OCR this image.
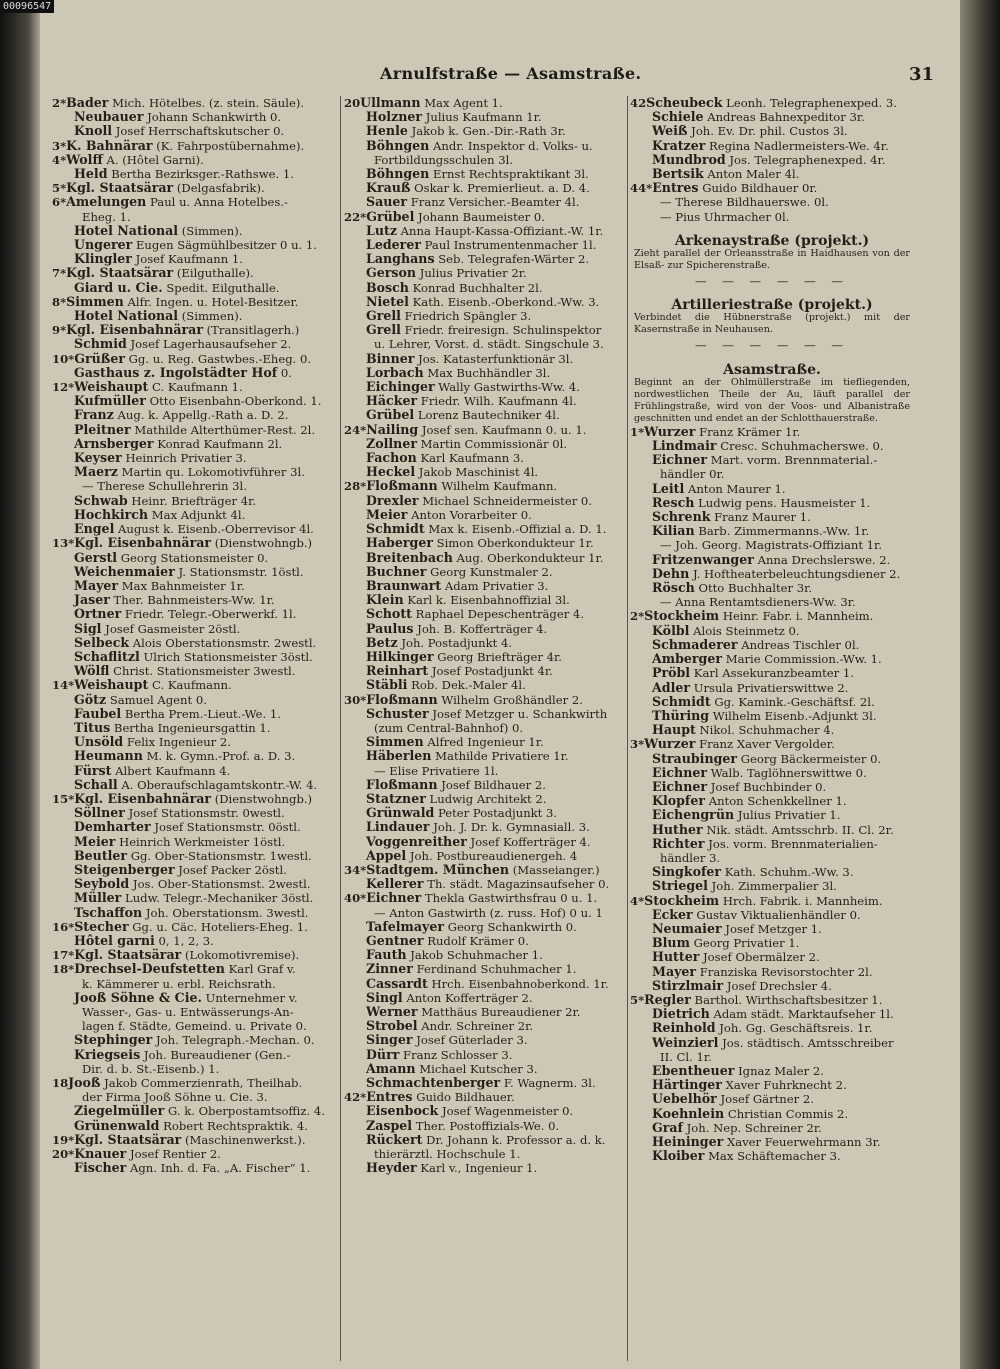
00096547
Arnulfstraße — Asamstraße.	31
2*Bader Mich. Hötelbes. (z. stein. Säule).
Neubauer Johann Schankwirth 0.
Knoll Josef Herrschaftskutscher 0.
3*K. Bahnärar (K. Fahrpostübernahme).
4*Wolff A. (Hôtel Garni).
Held Bertha Bezirksger.-Rathswe. 1.
5*Kgl. Staatsärar (Delgasfabrik).
6*Amelungen Paul u. Anna Hotelbes.-
Eheg. 1.
Hotel National (Simmen).
Ungerer Eugen Sägmühlbesitzer 0 u. 1.
Klingler Josef Kaufmann 1.
7*Kgl. Staatsärar (Eilguthalle).
Giard u. Cie. Spedit. Eilguthalle.
8*Simmen Alfr. Ingen. u. Hotel-Besitzer.
Hotel National (Simmen).
9*Kgl. Eisenbahnärar (Transitlagerh.)
Schmid Josef Lagerhausaufseher 2.
10*Grüßer Gg. u. Reg. Gastwbes.-Eheg. 0.
Gasthaus z. Ingolstädter Hof 0.
12*Weishaupt C. Kaufmann 1.
Kufmüller Otto Eisenbahn-Oberkond. 1.
Franz Aug. k. Appellg.-Rath a. D. 2.
Pleitner Mathilde Alterthümer-Rest. 2l.
Arnsberger Konrad Kaufmann 2l.
Keyser Heinrich Privatier 3.
Maerz Martin qu. Lokomotivführer 3l.
— Therese Schullehrerin 3l.
Schwab Heinr. Briefträger 4r.
Hochkirch Max Adjunkt 4l.
Engel August k. Eisenb.-Oberrevisor 4l.
13*Kgl. Eisenbahnärar (Dienstwohngb.)
Gerstl Georg Stationsmeister 0.
Weichenmaier J. Stationsmstr. 1östl.
Mayer Max Bahnmeister 1r.
Jaser Ther. Bahnmeisters-Ww. 1r.
Ortner Friedr. Telegr.-Oberwerkf. 1l.
Sigl Josef Gasmeister 2östl.
Selbeck Alois Oberstationsmstr. 2westl.
Schaflitzl Ulrich Stationsmeister 3östl.
Wölfl Christ. Stationsmeister 3westl.
14*Weishaupt C. Kaufmann.
Götz Samuel Agent 0.
Faubel Bertha Prem.-Lieut.-We. 1.
Titus Bertha Ingenieursgattin 1.
Unsöld Felix Ingenieur 2.
Heumann M. k. Gymn.-Prof. a. D. 3.
Fürst Albert Kaufmann 4.
Schall A. Oberaufschlagamtskontr.-W. 4.
15*Kgl. Eisenbahnärar (Dienstwohngb.)
Söllner Josef Stationsmstr. 0westl.
Demharter Josef Stationsmstr. 0östl.
Meier Heinrich Werkmeister 1östl.
Beutler Gg. Ober-Stationsmstr. 1westl.
Steigenberger Josef Packer 2östl.
Seybold Jos. Ober-Stationsmst. 2westl.
Müller Ludw. Telegr.-Mechaniker 3östl.
Tschaffon Joh. Oberstationsm. 3westl.
16*Stecher Gg. u. Cäc. Hoteliers-Eheg. 1.
Hôtel garni 0, 1, 2, 3.
17*Kgl. Staatsärar (Lokomotivremise).
18*Drechsel-Deufstetten Karl Graf v.
k. Kämmerer u. erbl. Reichsrath.
Jooß Söhne & Cie. Unternehmer v.
Wasser-, Gas- u. Entwässerungs-An-
lagen f. Städte, Gemeind. u. Private 0.
Stephinger Joh. Telegraph.-Mechan. 0.
Kriegseis Joh. Bureaudiener (Gen.-
Dir. d. b. St.-Eisenb.) 1.
18Jooß Jakob Commerzienrath, Theilhab.
der Firma Jooß Söhne u. Cie. 3.
Ziegelmüller G. k. Oberpostamtsoffiz. 4.
Grünenwald Robert Rechtspraktik. 4.
19*Kgl. Staatsärar (Maschinenwerkst.).
20*Knauer Josef Rentier 2.
Fischer Agn. Inh. d. Fa. „A. Fischer“ 1.
20Ullmann Max Agent 1.
Holzner Julius Kaufmann 1r.
Henle Jakob k. Gen.-Dir.-Rath 3r.
Böhngen Andr. Inspektor d. Volks- u.
Fortbildungsschulen 3l.
Böhngen Ernst Rechtspraktikant 3l.
Krauß Oskar k. Premierlieut. a. D. 4.
Sauer Franz Versicher.-Beamter 4l.
22*Grübel Johann Baumeister 0.
Lutz Anna Haupt-Kassa-Offiziant.-W. 1r.
Lederer Paul Instrumentenmacher 1l.
Langhans Seb. Telegrafen-Wärter 2.
Gerson Julius Privatier 2r.
Bosch Konrad Buchhalter 2l.
Nietel Kath. Eisenb.-Oberkond.-Ww. 3.
Grell Friedrich Spängler 3.
Grell Friedr. freiresign. Schulinspektor
u. Lehrer, Vorst. d. städt. Singschule 3.
Binner Jos. Katasterfunktionär 3l.
Lorbach Max Buchhändler 3l.
Eichinger Wally Gastwirths-Ww. 4.
Häcker Friedr. Wilh. Kaufmann 4l.
Grübel Lorenz Bautechniker 4l.
24*Nailing Josef sen. Kaufmann 0. u. 1.
Zollner Martin Commissionär 0l.
Fachon Karl Kaufmann 3.
Heckel Jakob Maschinist 4l.
28*Floßmann Wilhelm Kaufmann.
Drexler Michael Schneidermeister 0.
Meier Anton Vorarbeiter 0.
Schmidt Max k. Eisenb.-Offizial a. D. 1.
Haberger Simon Oberkondukteur 1r.
Breitenbach Aug. Oberkondukteur 1r.
Buchner Georg Kunstmaler 2.
Braunwart Adam Privatier 3.
Klein Karl k. Eisenbahnoffizial 3l.
Schott Raphael Depeschenträger 4.
Paulus Joh. B. Kofferträger 4.
Betz Joh. Postadjunkt 4.
Hilkinger Georg Briefträger 4r.
Reinhart Josef Postadjunkt 4r.
Stäbli Rob. Dek.-Maler 4l.
30*Floßmann Wilhelm Großhändler 2.
Schuster Josef Metzger u. Schankwirth
(zum Central-Bahnhof) 0.
Simmen Alfred Ingenieur 1r.
Häberlen Mathilde Privatiere 1r.
— Elise Privatiere 1l.
Floßmann Josef Bildhauer 2.
Statzner Ludwig Architekt 2.
Grünwald Peter Postadjunkt 3.
Lindauer Joh. J. Dr. k. Gymnasiall. 3.
Voggenreither Josef Kofferträger 4.
Appel Joh. Postbureaudienergeh. 4
34*Stadtgem. München (Masseianger.)
Kellerer Th. städt. Magazinsaufseher 0.
40*Eichner Thekla Gastwirthsfrau 0 u. 1.
— Anton Gastwirth (z. russ. Hof) 0 u. 1
Tafelmayer Georg Schankwirth 0.
Gentner Rudolf Krämer 0.
Fauth Jakob Schuhmacher 1.
Zinner Ferdinand Schuhmacher 1.
Cassardt Hrch. Eisenbahnoberkond. 1r.
Singl Anton Kofferträger 2.
Werner Matthäus Bureaudiener 2r.
Strobel Andr. Schreiner 2r.
Singer Josef Güterlader 3.
Dürr Franz Schlosser 3.
Amann Michael Kutscher 3.
Schmachtenberger F. Wagnerm. 3l.
42*Entres Guido Bildhauer.
Eisenbock Josef Wagenmeister 0.
Zaspel Ther. Postoffizials-We. 0.
Rückert Dr. Johann k. Professor a. d. k.
thierärztl. Hochschule 1.
Heyder Karl v., Ingenieur 1.
42Scheubeck Leonh. Telegraphenexped. 3.
Schiele Andreas Bahnexpeditor 3r.
Weiß Joh. Ev. Dr. phil. Custos 3l.
Kratzer Regina Nadlermeisters-We. 4r.
Mundbrod Jos. Telegraphenexped. 4r.
Bertsik Anton Maler 4l.
44*Entres Guido Bildhauer 0r.
— Therese Bildhauerswe. 0l.
— Pius Uhrmacher 0l.
Arkenaystraße (projekt.)
Zieht parallel der Orleansstraße in Haidhausen von der Elsaß- zur Spicherenstraße.
— — — — — —
Artilleriestraße (projekt.)
Verbindet die Hübnerstraße (projekt.) mit der Kasernstraße in Neuhausen.
— — — — — —
Asamstraße.
Beginnt an der Ohlmüllerstraße im tiefliegenden, nordwestlichen Theile der Au, läuft parallel der Frühlingstraße, wird von der Voos- und Albanistraße geschnitten und endet an der Schlotthauerstraße.
1*Wurzer Franz Krämer 1r.
Lindmair Cresc. Schuhmacherswe. 0.
Eichner Mart. vorm. Brennmaterial.-
händler 0r.
Leitl Anton Maurer 1.
Resch Ludwig pens. Hausmeister 1.
Schrenk Franz Maurer 1.
Kilian Barb. Zimmermanns.-Ww. 1r.
— Joh. Georg. Magistrats-Offiziant 1r.
Fritzenwanger Anna Drechslerswe. 2.
Dehn J. Hoftheaterbeleuchtungsdiener 2.
Rösch Otto Buchhalter 3r.
— Anna Rentamtsdieners-Ww. 3r.
2*Stockheim Heinr. Fabr. i. Mannheim.
Kölbl Alois Steinmetz 0.
Schmaderer Andreas Tischler 0l.
Amberger Marie Commission.-Ww. 1.
Pröbl Karl Assekuranzbeamter 1.
Adler Ursula Privatierswittwe 2.
Schmidt Gg. Kamink.-Geschäftsf. 2l.
Thüring Wilhelm Eisenb.-Adjunkt 3l.
Haupt Nikol. Schuhmacher 4.
3*Wurzer Franz Xaver Vergolder.
Straubinger Georg Bäckermeister 0.
Eichner Walb. Taglöhnerswittwe 0.
Eichner Josef Buchbinder 0.
Klopfer Anton Schenkkellner 1.
Eichengrün Julius Privatier 1.
Huther Nik. städt. Amtsschrb. II. Cl. 2r.
Richter Jos. vorm. Brennmaterialien-
händler 3.
Singkofer Kath. Schuhm.-Ww. 3.
Striegel Joh. Zimmerpalier 3l.
4*Stockheim Hrch. Fabrik. i. Mannheim.
Ecker Gustav Viktualienhändler 0.
Neumaier Josef Metzger 1.
Blum Georg Privatier 1.
Hutter Josef Obermälzer 2.
Mayer Franziska Revisorstochter 2l.
Stirzlmair Josef Drechsler 4.
5*Regler Barthol. Wirthschaftsbesitzer 1.
Dietrich Adam städt. Marktaufseher 1l.
Reinhold Joh. Gg. Geschäftsreis. 1r.
Weinzierl Jos. städtisch. Amtsschreiber
II. Cl. 1r.
Ebentheuer Ignaz Maler 2.
Härtinger Xaver Fuhrknecht 2.
Uebelhör Josef Gärtner 2.
Koehnlein Christian Commis 2.
Graf Joh. Nep. Schreiner 2r.
Heininger Xaver Feuerwehrmann 3r.
Kloiber Max Schäftemacher 3.
